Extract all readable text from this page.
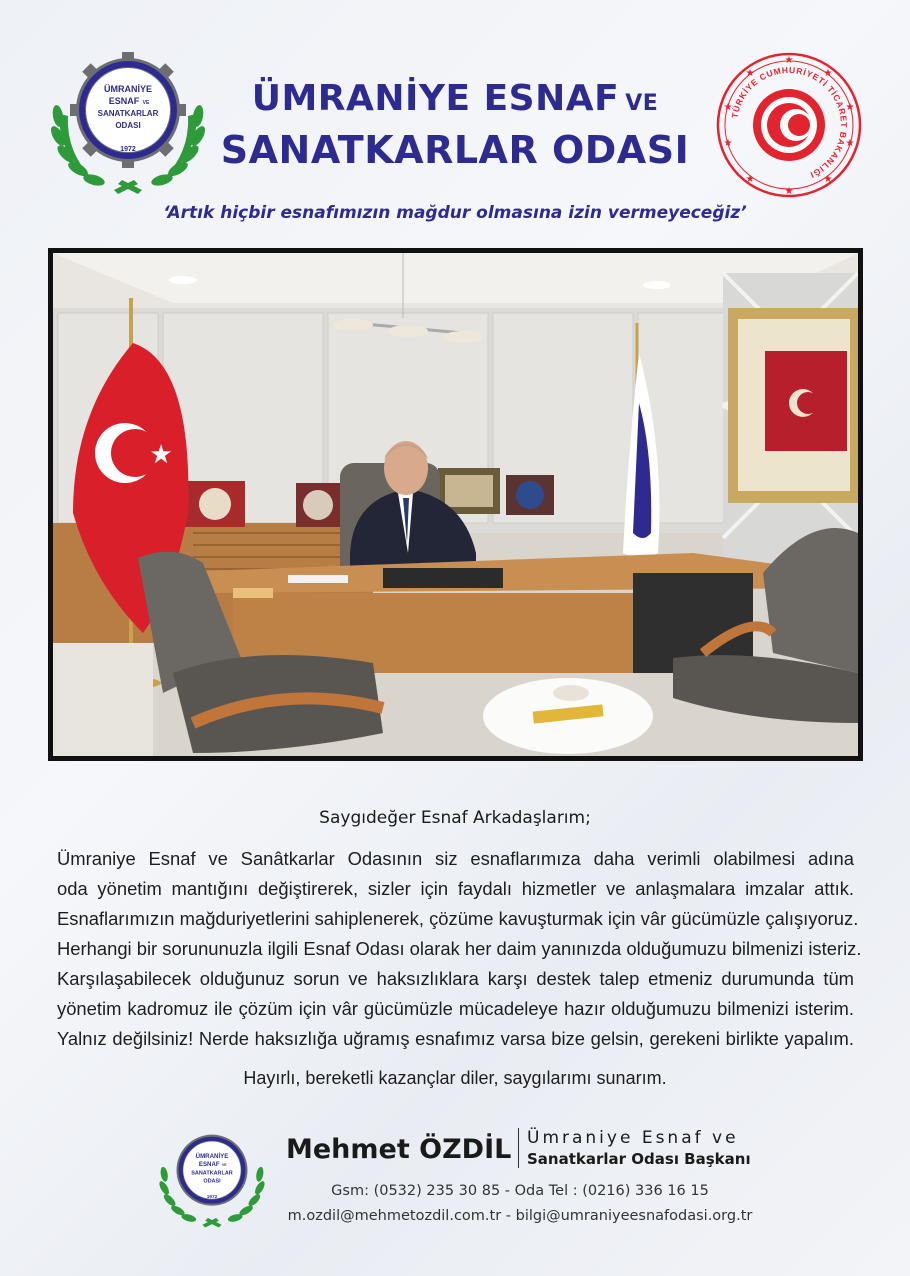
ÜMRANİYE
ESNAF VE
SANATKARLAR
ODASI
1972
ÜMRANİYE ESNAF VE
SANATKARLAR ODASI
TÜRKİYE CUMHURİYETİ TİCARET BAKANLIĞI
★
★
★
★
★
★
★
★
★
★
‘Artık hiçbir esnafımızın mağdur olmasına izin vermeyeceğiz’
★
Saygıdeğer Esnaf Arkadaşlarım;
Ümraniye Esnaf ve Sanâtkarlar Odasının siz esnaflarımıza daha verimli olabilmesi adına
oda yönetim mantığını değiştirerek, sizler için faydalı hizmetler ve anlaşmalara imzalar attık.
Esnaflarımızın mağduriyetlerini sahiplenerek, çözüme kavuşturmak için vâr gücümüzle çalışıyoruz.
Herhangi bir sorununuzla ilgili Esnaf Odası olarak her daim yanınızda olduğumuzu bilmenizi isteriz.
Karşılaşabilecek olduğunuz sorun ve haksızlıklara karşı destek talep etmeniz durumunda tüm
yönetim kadromuz ile çözüm için vâr gücümüzle mücadeleye hazır olduğumuzu bilmenizi isterim.
Yalnız değilsiniz! Nerde haksızlığa uğramış esnafımız varsa bize gelsin, gerekeni birlikte yapalım.
Hayırlı, bereketli kazançlar diler, saygılarımı sunarım.
ÜMRANİYE
ESNAF VE
SANATKARLAR
ODASI
1972
Mehmet ÖZDİL Ümraniye Esnaf ve
Sanatkarlar Odası Başkanı
Gsm: (0532) 235 30 85 - Oda Tel : (0216) 336 16 15
m.ozdil@mehmetozdil.com.tr - bilgi@umraniyeesnafodasi.org.tr
